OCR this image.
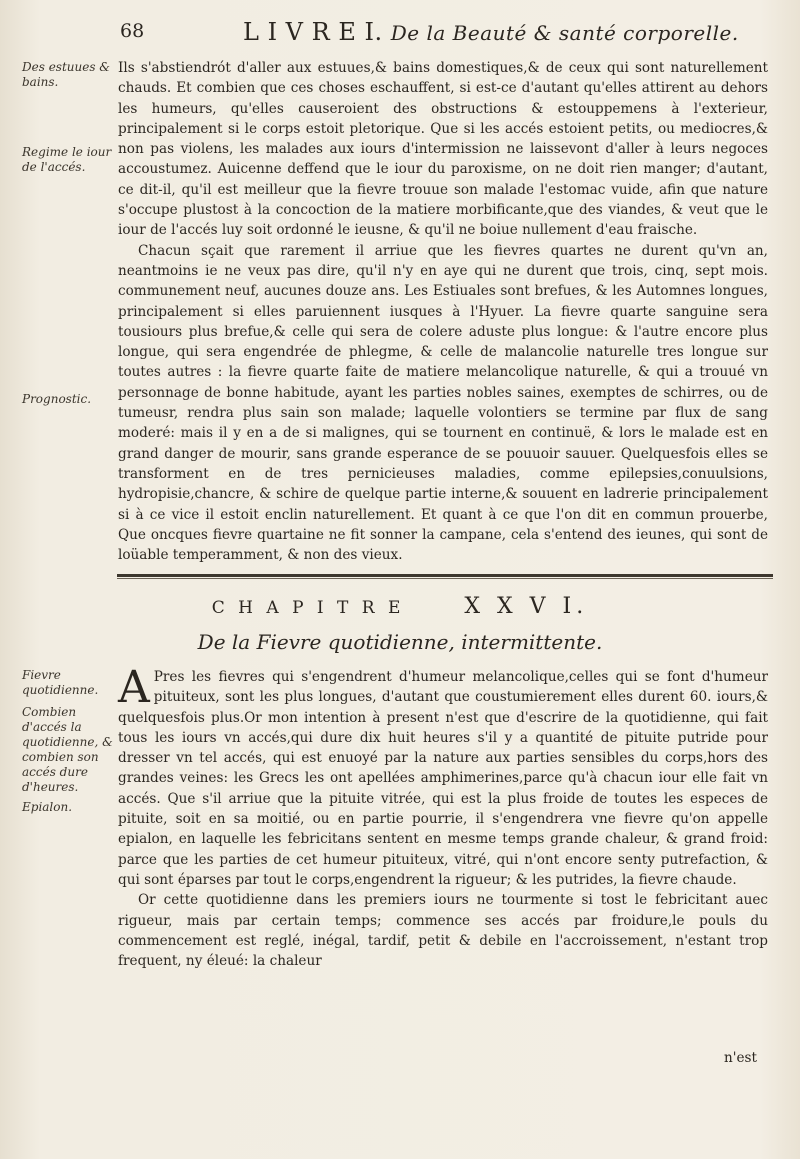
68	L I V R E I. De la Beauté & santé corporelle.
Des estuues & bains.
Regime le iour de l'accés.
Prognostic.
Fievre quotidienne.
Combien d'accés la quotidienne, & combien son accés dure d'heures.
Epialon.

Ils s'abstiendrót d'aller aux estuues,& bains domestiques,& de ceux qui sont naturellement chauds. Et combien que ces choses eschauffent, si est-ce d'autant qu'elles attirent au dehors les humeurs, qu'elles causeroient des obstructions & estouppemens à l'exterieur, principalement si le corps estoit pletorique. Que si les accés estoient petits, ou mediocres,& non pas violens, les malades aux iours d'intermission ne laissevont d'aller à leurs negoces accoustumez. Auicenne deffend que le iour du paroxisme, on ne doit rien manger; d'autant, ce dit-il, qu'il est meilleur que la fievre trouue son malade l'estomac vuide, afin que nature s'occupe plustost à la concoction de la matiere morbificante,que des viandes, & veut que le iour de l'accés luy soit ordonné le ieusne, & qu'il ne boiue nullement d'eau fraische.

Chacun sçait que rarement il arriue que les fievres quartes ne durent qu'vn an, neantmoins ie ne veux pas dire, qu'il n'y en aye qui ne durent que trois, cinq, sept mois. communement neuf, aucunes douze ans. Les Estiuales sont brefues, & les Automnes longues, principalement si elles paruiennent iusques à l'Hyuer. La fievre quarte sanguine sera tousiours plus brefue,& celle qui sera de colere aduste plus longue: & l'autre encore plus longue, qui sera engendrée de phlegme, & celle de malancolie naturelle tres longue sur toutes autres : la fievre quarte faite de matiere melancolique naturelle, & qui a trouué vn personnage de bonne habitude, ayant les parties nobles saines, exemptes de schirres, ou de tumeusr, rendra plus sain son malade; laquelle volontiers se termine par flux de sang moderé: mais il y en a de si malignes, qui se tournent en continuë, & lors le malade est en grand danger de mourir, sans grande esperance de se pouuoir sauuer. Quelquesfois elles se transforment en de tres pernicieuses maladies, comme epilepsies,conuulsions, hydropisie,chancre, & schire de quelque partie interne,& souuent en ladrerie principalement si à ce vice il estoit enclin naturellement. Et quant à ce que l'on dit en commun prouerbe, Que oncques fievre quartaine ne fit sonner la campane, cela s'entend des ieunes, qui sont de loüable temperamment, & non des vieux.

C H A P I T R E	X X V I.
De la Fievre quotidienne, intermittente.

A Pres les fievres qui s'engendrent d'humeur melancolique,celles qui se font d'humeur pituiteux, sont les plus longues, d'autant que coustumierement elles durent 60. iours,& quelquesfois plus.Or mon intention à present n'est que d'escrire de la quotidienne, qui fait tous les iours vn accés,qui dure dix huit heures s'il y a quantité de pituite putride pour dresser vn tel accés, qui est enuoyé par la nature aux parties sensibles du corps,hors des grandes veines: les Grecs les ont apellées amphimerines,parce qu'à chacun iour elle fait vn accés. Que s'il arriue que la pituite vitrée, qui est la plus froide de toutes les especes de pituite, soit en sa moitié, ou en partie pourrie, il s'engendrera vne fievre qu'on appelle epialon, en laquelle les febricitans sentent en mesme temps grande chaleur, & grand froid: parce que les parties de cet humeur pituiteux, vitré, qui n'ont encore senty putrefaction, & qui sont éparses par tout le corps,engendrent la rigueur; & les putrides, la fievre chaude.

Or cette quotidienne dans les premiers iours ne tourmente si tost le febricitant auec rigueur, mais par certain temps; commence ses accés par froidure,le pouls du commencement est reglé, inégal, tardif, petit & debile en l'accroissement, n'estant trop frequent, ny éleué: la chaleur

n'est
